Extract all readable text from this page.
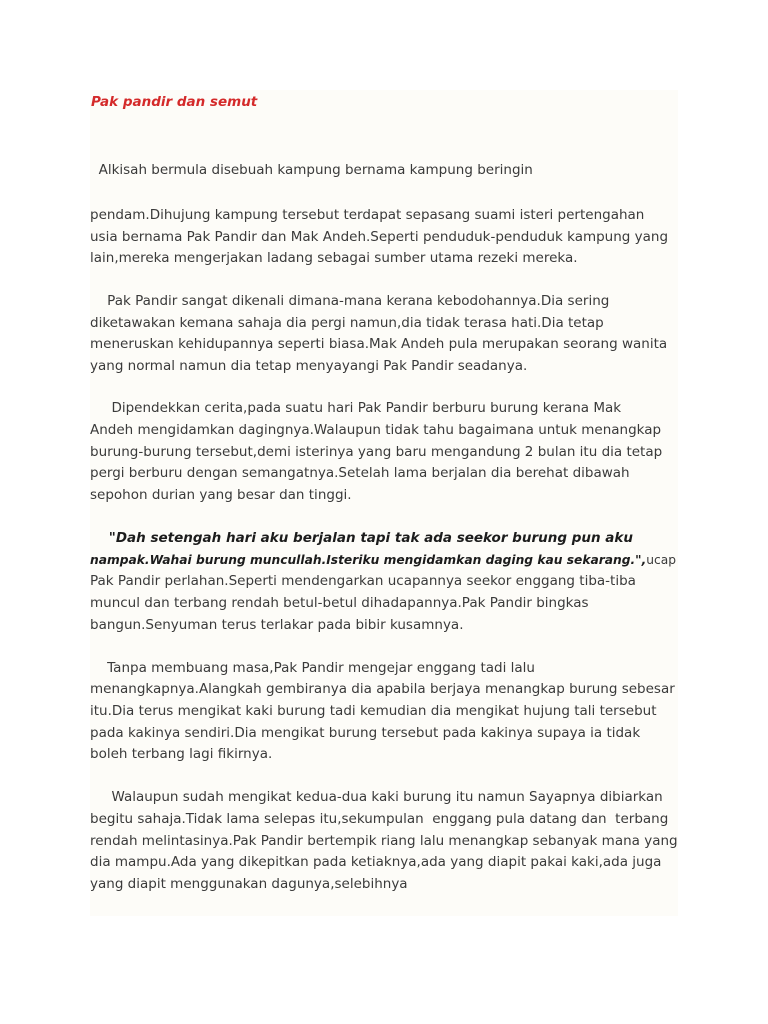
Pak pandir dan semut
Alkisah bermula disebuah kampung bernama kampung beringin
pendam.Dihujung kampung tersebut terdapat sepasang suami isteri pertengahan
usia bernama Pak Pandir dan Mak Andeh.Seperti penduduk-penduduk kampung yang
lain,mereka mengerjakan ladang sebagai sumber utama rezeki mereka.
Pak Pandir sangat dikenali dimana-mana kerana kebodohannya.Dia sering
diketawakan kemana sahaja dia pergi namun,dia tidak terasa hati.Dia tetap
meneruskan kehidupannya seperti biasa.Mak Andeh pula merupakan seorang wanita
yang normal namun dia tetap menyayangi Pak Pandir seadanya.
Dipendekkan cerita,pada suatu hari Pak Pandir berburu burung kerana Mak
Andeh mengidamkan dagingnya.Walaupun tidak tahu bagaimana untuk menangkap
burung-burung tersebut,demi isterinya yang baru mengandung 2 bulan itu dia tetap
pergi berburu dengan semangatnya.Setelah lama berjalan dia berehat dibawah
sepohon durian yang besar dan tinggi.
"Dah setengah hari aku berjalan tapi tak ada seekor burung pun aku
nampak.Wahai burung muncullah.Isteriku mengidamkan daging kau sekarang.",ucap
Pak Pandir perlahan.Seperti mendengarkan ucapannya seekor enggang tiba-tiba
muncul dan terbang rendah betul-betul dihadapannya.Pak Pandir bingkas
bangun.Senyuman terus terlakar pada bibir kusamnya.
Tanpa membuang masa,Pak Pandir mengejar enggang tadi lalu
menangkapnya.Alangkah gembiranya dia apabila berjaya menangkap burung sebesar
itu.Dia terus mengikat kaki burung tadi kemudian dia mengikat hujung tali tersebut
pada kakinya sendiri.Dia mengikat burung tersebut pada kakinya supaya ia tidak
boleh terbang lagi fikirnya.
Walaupun sudah mengikat kedua-dua kaki burung itu namun Sayapnya dibiarkan
begitu sahaja.Tidak lama selepas itu,sekumpulan  enggang pula datang dan  terbang
rendah melintasinya.Pak Pandir bertempik riang lalu menangkap sebanyak mana yang
dia mampu.Ada yang dikepitkan pada ketiaknya,ada yang diapit pakai kaki,ada juga
yang diapit menggunakan dagunya,selebihnya
